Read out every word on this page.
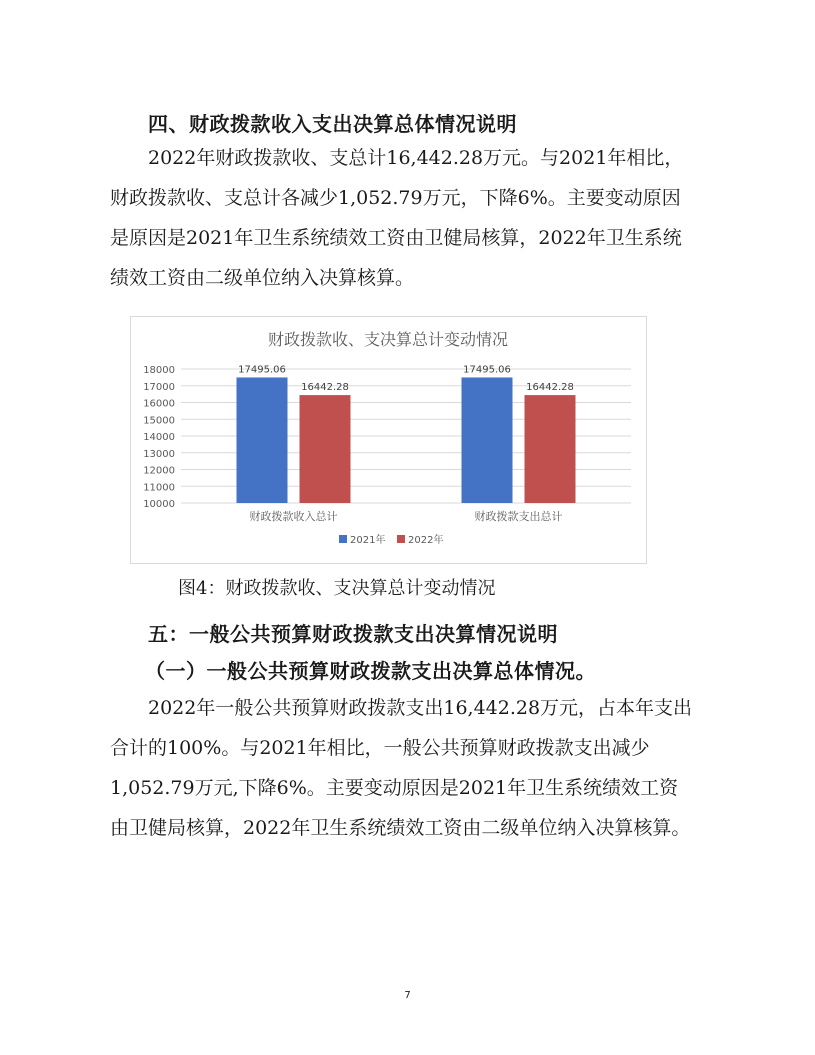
四、财政拨款收入支出决算总体情况说明

2022年财政拨款收、支总计16,442.28万元。与2021年相比，财政拨款收、支总计各减少1,052.79万元，下降6%。主要变动原因是原因是2021年卫生系统绩效工资由卫健局核算，2022年卫生系统绩效工资由二级单位纳入决算核算。

财政拨款收、支决算总计变动情况
10000
11000
12000
13000
14000
15000
16000
17000
18000	17495.06
16442.28
17495.06
16442.28
财政拨款收入总计	财政拨款支出总计
2021年 2022年
图4：财政拨款收、支决算总计变动情况
五：一般公共预算财政拨款支出决算情况说明
（一）一般公共预算财政拨款支出决算总体情况。

2022年一般公共预算财政拨款支出16,442.28万元，占本年支出合计的100%。与2021年相比，一般公共预算财政拨款支出减少1,052.79万元,下降6%。主要变动原因是2021年卫生系统绩效工资由卫健局核算，2022年卫生系统绩效工资由二级单位纳入决算核算。

7
